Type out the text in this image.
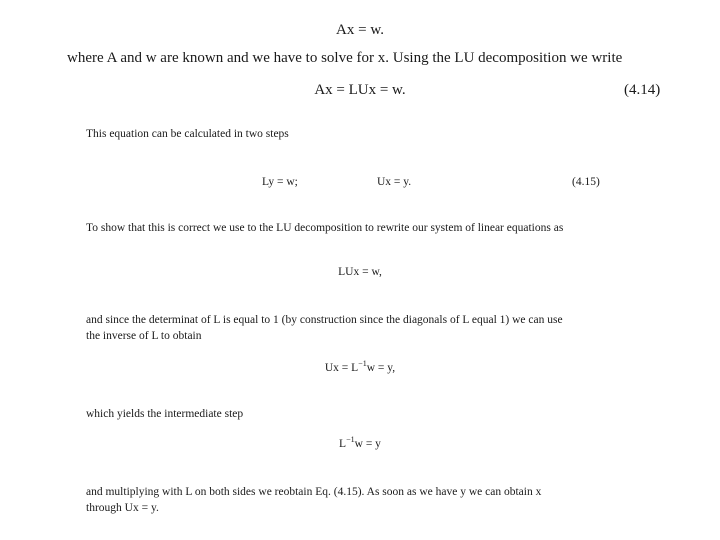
Ax = w.
where A and w are known and we have to solve for x. Using the LU decomposition we write
Ax = LUx = w.	(4.14)
This equation can be calculated in two steps
Ly = w;	Ux = y.	(4.15)
To show that this is correct we use to the LU decomposition to rewrite our system of linear equations as
LUx = w,
and since the determinat of L is equal to 1 (by construction since the diagonals of L equal 1) we can use
the inverse of L to obtain
$Ux = L^{-1}w = y$,
which yields the intermediate step
$L^{-1}w = y$
and multiplying with L on both sides we reobtain Eq. (4.15). As soon as we have y we can obtain x
through Ux = y.
